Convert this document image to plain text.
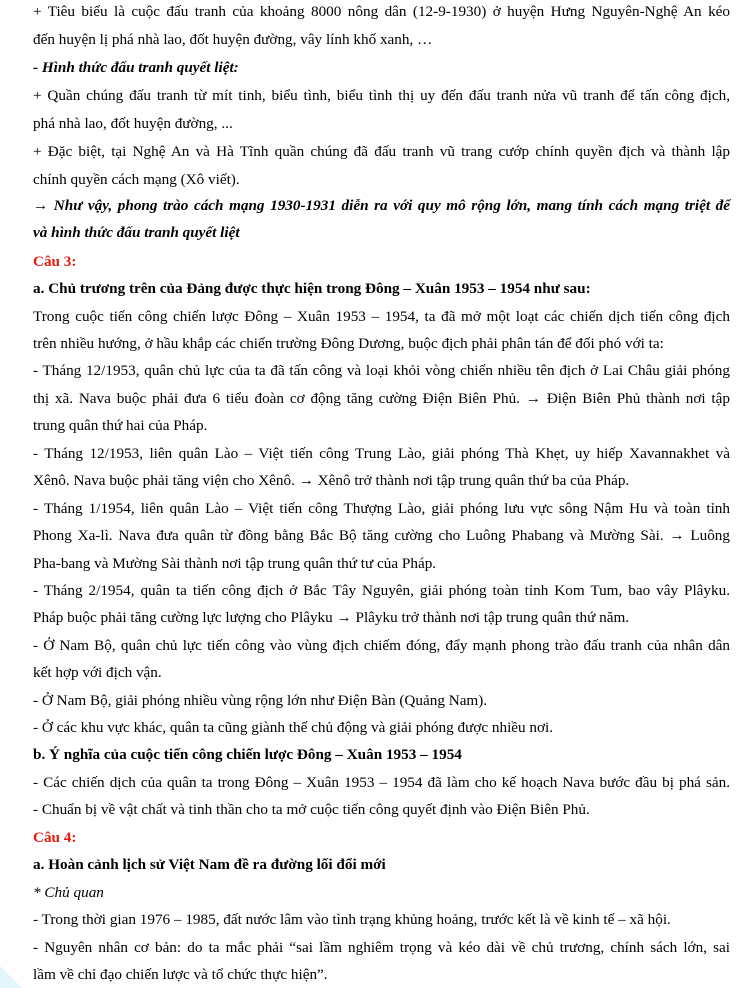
+ Tiêu biểu là cuộc đấu tranh của khoảng 8000 nông dân (12-9-1930) ở huyện Hưng Nguyên-Nghệ An kéo
đến huyện lị phá nhà lao, đốt huyện đường, vây lính khố xanh, …
- Hình thức đấu tranh quyết liệt:
+ Quần chúng đấu tranh từ mít tinh, biểu tình, biểu tình thị uy đến đấu tranh nửa vũ tranh để tấn công địch,
phá nhà lao, đốt huyện đường, ...
+ Đặc biệt, tại Nghệ An và Hà Tĩnh quần chúng đã đấu tranh vũ trang cướp chính quyền địch và thành lập
chính quyền cách mạng (Xô viết).
→ Như vậy, phong trào cách mạng 1930-1931 diễn ra với quy mô rộng lớn, mang tính cách mạng triệt để
và hình thức đấu tranh quyết liệt
Câu 3:
a. Chủ trương trên của Đảng được thực hiện trong Đông – Xuân 1953 – 1954 như sau:
Trong cuộc tiến công chiến lược Đông – Xuân 1953 – 1954, ta đã mở một loạt các chiến dịch tiến công địch
trên nhiều hướng, ở hầu khắp các chiến trường Đông Dương, buộc địch phải phân tán để đối phó với ta:
- Tháng 12/1953, quân chủ lực của ta đã tấn công và loại khỏi vòng chiến nhiều tên địch ở Lai Châu giải phóng
thị xã. Nava buộc phải đưa 6 tiểu đoàn cơ động tăng cường Điện Biên Phủ. → Điện Biên Phủ thành nơi tập
trung quân thứ hai của Pháp.
- Tháng 12/1953, liên quân Lào – Việt tiến công Trung Lào, giải phóng Thà Khẹt, uy hiếp Xavannakhet và
Xênô. Nava buộc phải tăng viện cho Xênô. → Xênô trở thành nơi tập trung quân thứ ba của Pháp.
- Tháng 1/1954, liên quân Lào – Việt tiến công Thượng Lào, giải phóng lưu vực sông Nậm Hu và toàn tỉnh
Phong Xa-lì. Nava đưa quân từ đồng bằng Bắc Bộ tăng cường cho Luông Phabang và Mường Sài. → Luông
Pha-bang và Mường Sài thành nơi tập trung quân thứ tư của Pháp.
- Tháng 2/1954, quân ta tiến công địch ở Bắc Tây Nguyên, giải phóng toàn tỉnh Kom Tum, bao vây Plâyku.
Pháp buộc phải tăng cường lực lượng cho Plâyku → Plâyku trở thành nơi tập trung quân thứ năm.
- Ở Nam Bộ, quân chủ lực tiến công vào vùng địch chiếm đóng, đẩy mạnh phong trào đấu tranh của nhân dân
kết hợp với địch vận.
- Ở Nam Bộ, giải phóng nhiều vùng rộng lớn như Điện Bàn (Quảng Nam).
- Ở các khu vực khác, quân ta cũng giành thế chủ động và giải phóng được nhiều nơi.
b. Ý nghĩa của cuộc tiến công chiến lược Đông – Xuân 1953 – 1954
- Các chiến dịch của quân ta trong Đông – Xuân 1953 – 1954 đã làm cho kế hoạch Nava bước đầu bị phá sản.
- Chuẩn bị về vật chất và tinh thần cho ta mở cuộc tiến công quyết định vào Điện Biên Phủ.
Câu 4:
a. Hoàn cảnh lịch sử Việt Nam đề ra đường lối đổi mới
* Chủ quan
- Trong thời gian 1976 – 1985, đất nước lâm vào tình trạng khủng hoảng, trước kết là về kinh tế – xã hội.
- Nguyên nhân cơ bản: do ta mắc phải “sai lầm nghiêm trọng và kéo dài về chủ trương, chính sách lớn, sai
lầm về chỉ đạo chiến lược và tổ chức thực hiện”.
